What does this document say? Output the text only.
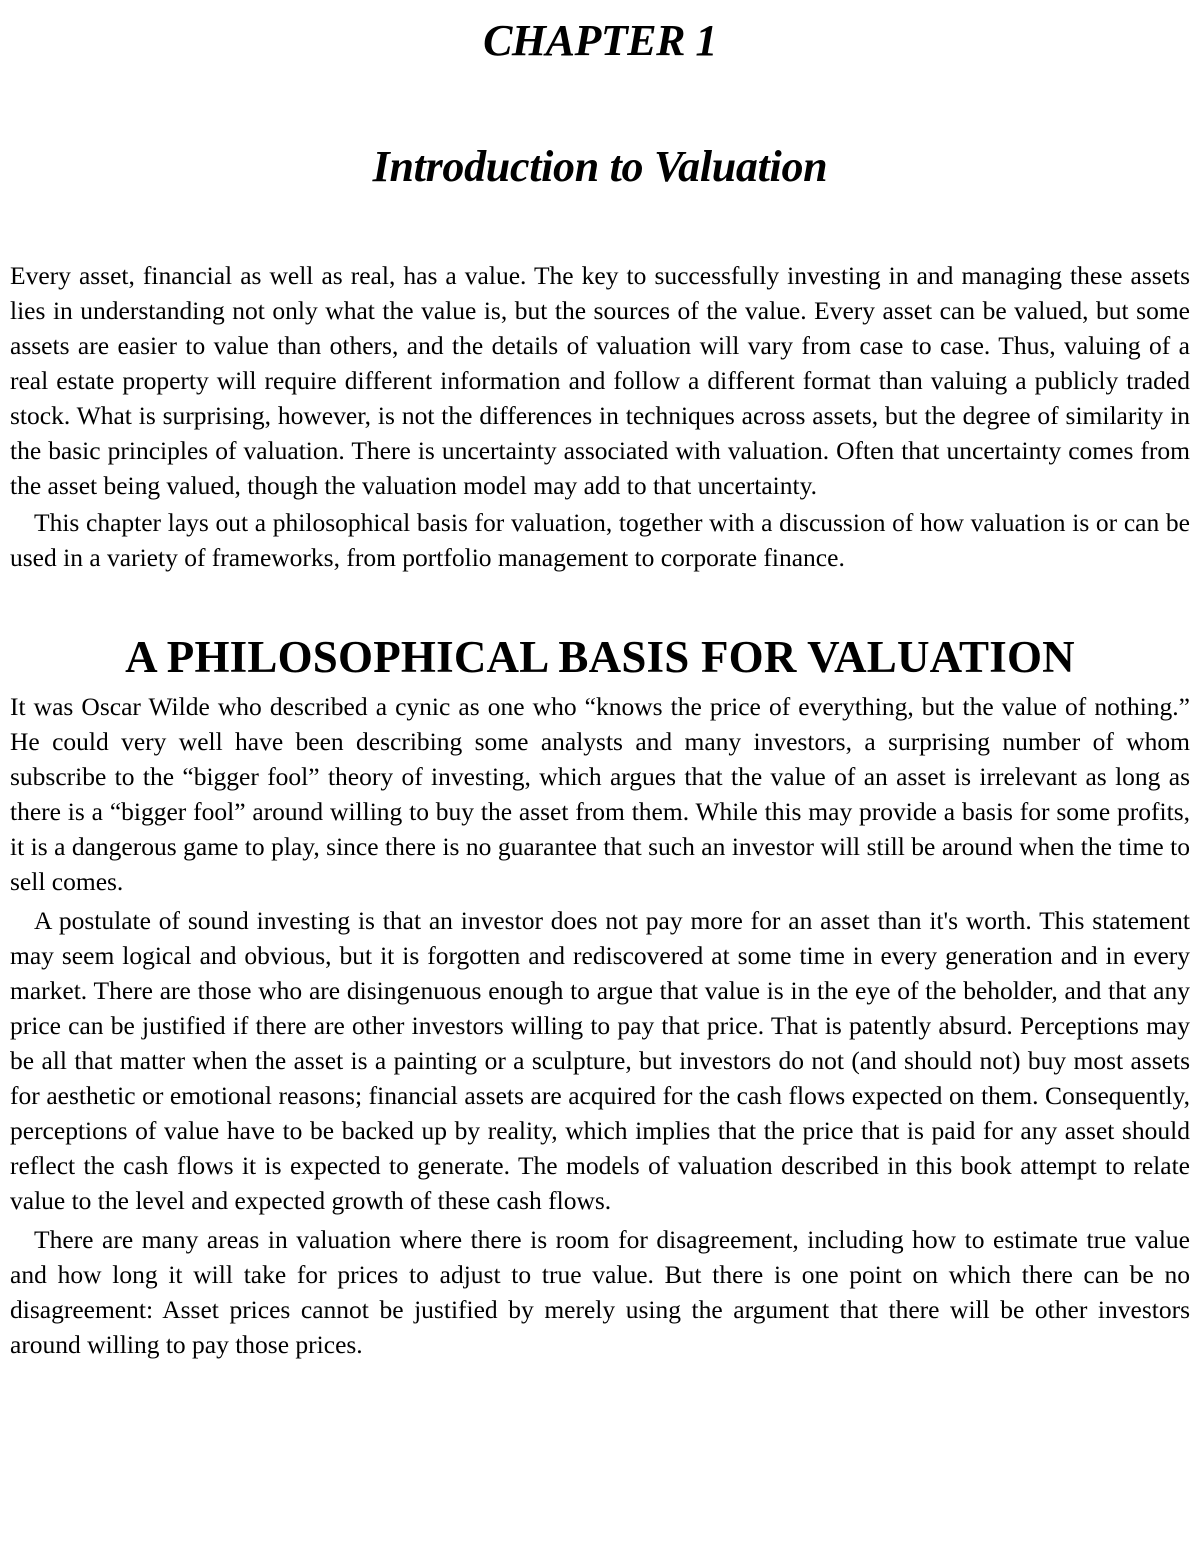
CHAPTER 1
Introduction to Valuation

Every asset, financial as well as real, has a value. The key to successfully investing in and managing these assets lies in understanding not only what the value is, but the sources of the value. Every asset can be valued, but some assets are easier to value than others, and the details of valuation will vary from case to case. Thus, valuing of a real estate property will require different information and follow a different format than valuing a publicly traded stock. What is surprising, however, is not the differences in techniques across assets, but the degree of similarity in the basic principles of valuation. There is uncertainty associated with valuation. Often that uncertainty comes from the asset being valued, though the valuation model may add to that uncertainty.

This chapter lays out a philosophical basis for valuation, together with a discussion of how valuation is or can be used in a variety of frameworks, from portfolio management to corporate finance.

A PHILOSOPHICAL BASIS FOR VALUATION

It was Oscar Wilde who described a cynic as one who “knows the price of everything, but the value of nothing.” He could very well have been describing some analysts and many investors, a surprising number of whom subscribe to the “bigger fool” theory of investing, which argues that the value of an asset is irrelevant as long as there is a “bigger fool” around willing to buy the asset from them. While this may provide a basis for some profits, it is a dangerous game to play, since there is no guarantee that such an investor will still be around when the time to sell comes.

A postulate of sound investing is that an investor does not pay more for an asset than it's worth. This statement may seem logical and obvious, but it is forgotten and rediscovered at some time in every generation and in every market. There are those who are disingenuous enough to argue that value is in the eye of the beholder, and that any price can be justified if there are other investors willing to pay that price. That is patently absurd. Perceptions may be all that matter when the asset is a painting or a sculpture, but investors do not (and should not) buy most assets for aesthetic or emotional reasons; financial assets are acquired for the cash flows expected on them. Consequently, perceptions of value have to be backed up by reality, which implies that the price that is paid for any asset should reflect the cash flows it is expected to generate. The models of valuation described in this book attempt to relate value to the level and expected growth of these cash flows.

There are many areas in valuation where there is room for disagreement, including how to estimate true value and how long it will take for prices to adjust to true value. But there is one point on which there can be no disagreement: Asset prices cannot be justified by merely using the argument that there will be other investors around willing to pay those prices.
